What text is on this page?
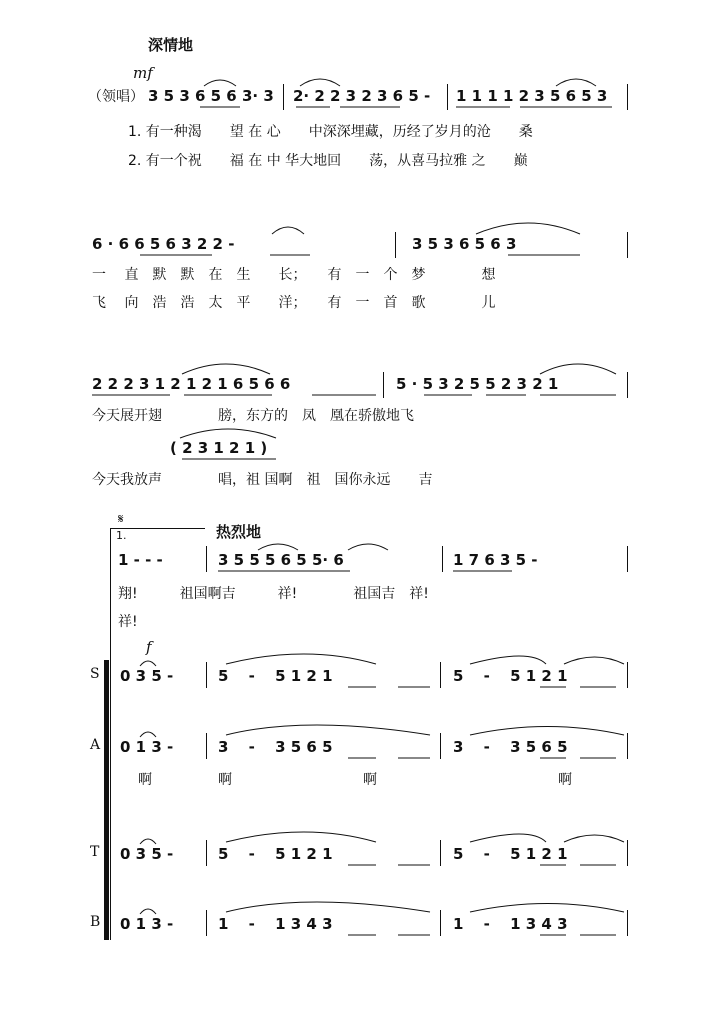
深情地
mf
（领唱） 3 5 3 6 5 6 3· 3 2· 2 2 3 2 3 6 5 - 1 1 1 1 2 3 5 6 5 3
1. 有一种渴　　望 在 心　　中深深埋藏，历经了岁月的沧　　桑
2. 有一个祝　　福 在 中 华大地回　　荡，从喜马拉雅 之　　巅
6 · 6 6 5 6 3 2 2 -	3 5 3 6 5 6 3
一　 直　默　默　在　生　　长；　　有　一　个　梦　　　　想
飞　 向　浩　浩　太　平　　洋；　　有　一　首　歌　　　　儿
2 2 2 3 1 2 1 2 1 6 5 6 6	5 · 5 3 2 5 5 2 3 2 1
今天展开翅　　　　膀，东方的　凤　凰在骄傲地飞
( 2 3 1 2 1 )
今天我放声　　　　唱，祖 国啊　祖　国你永远　　吉
𝄋
1.	热烈地
1 - - -	3 5 5 5 6 5 5· 6	1 7 6 3 5 -
翔!　　　祖国啊吉　　　祥!　　　　祖国吉　祥!
祥!
f
S 0 3 5 -	5　 -　 5 1 2 1	5　 -　 5 1 2 1
A 0 1 3 -	3　 -　 3 5 6 5	3　 -　 3 5 6 5
啊	啊	啊	啊
T 0 3 5 -	5　 -　 5 1 2 1	5　 -　 5 1 2 1
B 0 1 3 -	1　 -　 1 3 4 3	1　 -　 1 3 4 3
